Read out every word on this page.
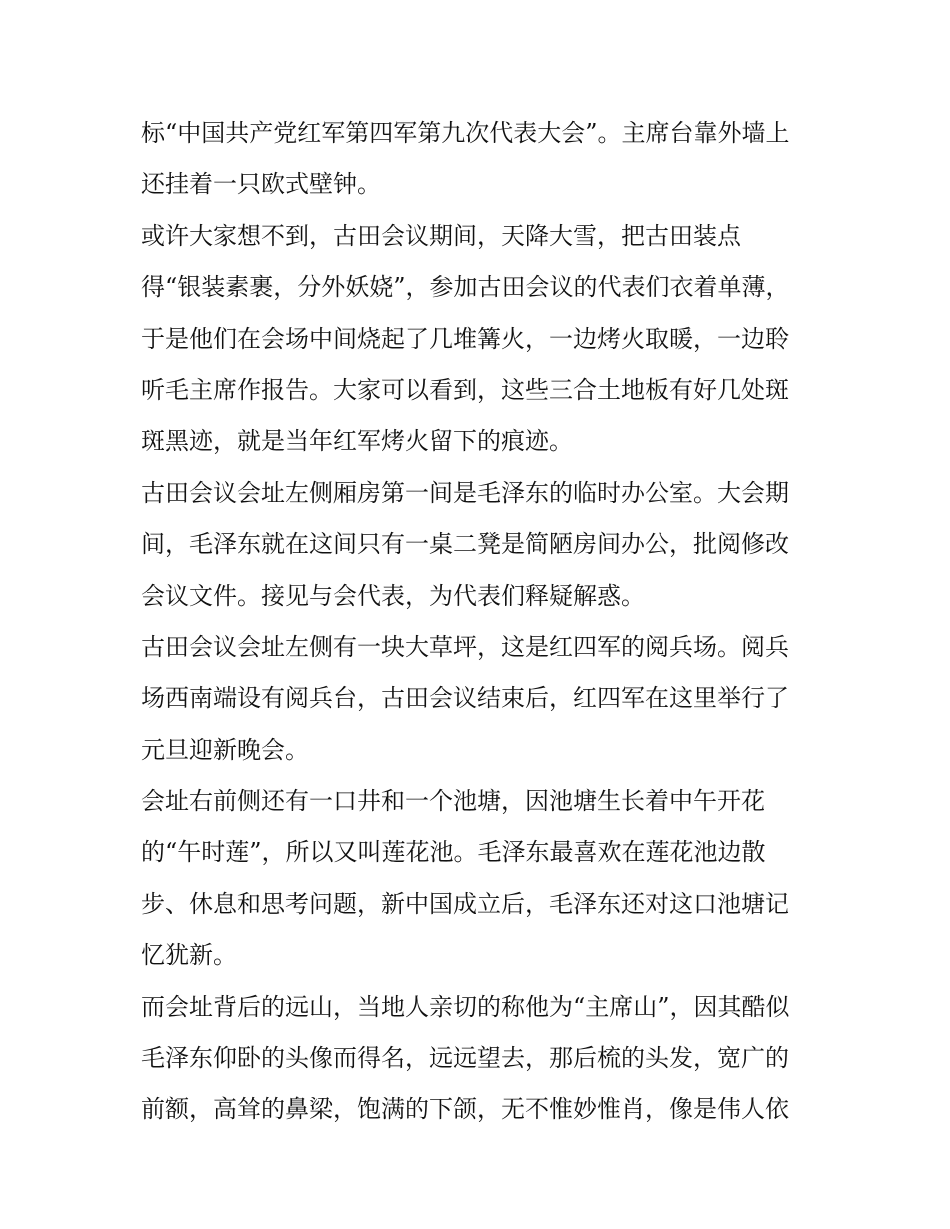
标“中国共产党红军第四军第九次代表大会”。主席台靠外墙上
还挂着一只欧式壁钟。
或许大家想不到，古田会议期间，天降大雪，把古田装点
得“银装素裹，分外妖娆”，参加古田会议的代表们衣着单薄，
于是他们在会场中间烧起了几堆篝火，一边烤火取暖，一边聆
听毛主席作报告。大家可以看到，这些三合土地板有好几处斑
斑黑迹，就是当年红军烤火留下的痕迹。
古田会议会址左侧厢房第一间是毛泽东的临时办公室。大会期
间，毛泽东就在这间只有一桌二凳是简陋房间办公，批阅修改
会议文件。接见与会代表，为代表们释疑解惑。
古田会议会址左侧有一块大草坪，这是红四军的阅兵场。阅兵
场西南端设有阅兵台，古田会议结束后，红四军在这里举行了
元旦迎新晚会。
会址右前侧还有一口井和一个池塘，因池塘生长着中午开花
的“午时莲”，所以又叫莲花池。毛泽东最喜欢在莲花池边散
步、休息和思考问题，新中国成立后，毛泽东还对这口池塘记
忆犹新。
而会址背后的远山，当地人亲切的称他为“主席山”，因其酷似
毛泽东仰卧的头像而得名，远远望去，那后梳的头发，宽广的
前额，高耸的鼻梁，饱满的下颌，无不惟妙惟肖，像是伟人依
